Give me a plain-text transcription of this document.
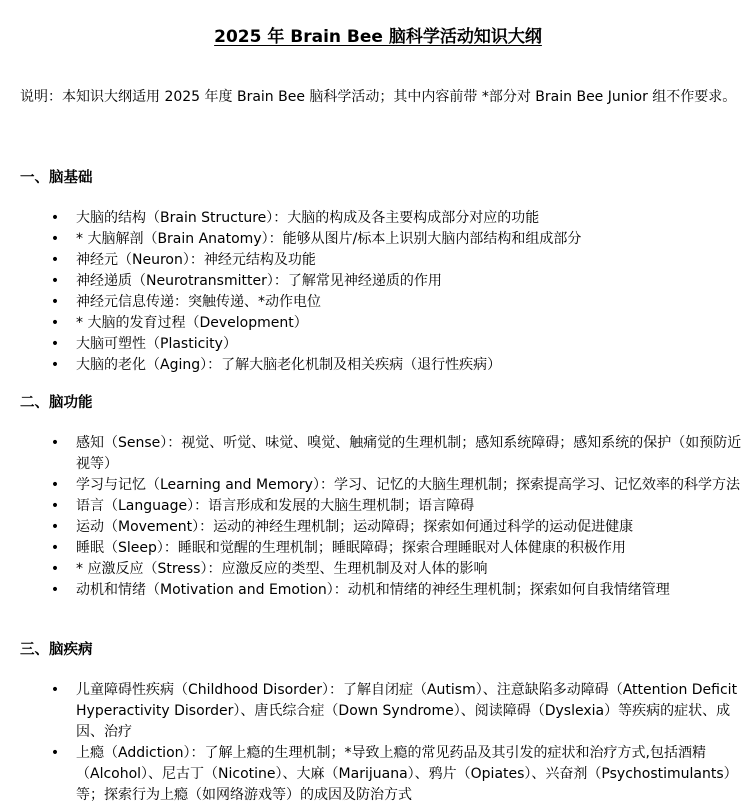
2025 年 Brain Bee 脑科学活动知识大纲
说明：本知识大纲适用 2025 年度 Brain Bee 脑科学活动；其中内容前带 *部分对 Brain Bee Junior 组不作要求。
一、脑基础
• 大脑的结构（Brain Structure）：大脑的构成及各主要构成部分对应的功能
• * 大脑解剖（Brain Anatomy）：能够从图片/标本上识别大脑内部结构和组成部分
• 神经元（Neuron）：神经元结构及功能
• 神经递质（Neurotransmitter）：了解常见神经递质的作用
• 神经元信息传递：突触传递、*动作电位
• * 大脑的发育过程（Development）
• 大脑可塑性（Plasticity）
• 大脑的老化（Aging）：了解大脑老化机制及相关疾病（退行性疾病）
二、脑功能
• 感知（Sense）：视觉、听觉、味觉、嗅觉、触痛觉的生理机制；感知系统障碍；感知系统的保护（如预防近视等）
• 学习与记忆（Learning and Memory）：学习、记忆的大脑生理机制；探索提高学习、记忆效率的科学方法
• 语言（Language）：语言形成和发展的大脑生理机制；语言障碍
• 运动（Movement）：运动的神经生理机制；运动障碍；探索如何通过科学的运动促进健康
• 睡眠（Sleep）：睡眠和觉醒的生理机制；睡眠障碍；探索合理睡眠对人体健康的积极作用
• * 应激反应（Stress）：应激反应的类型、生理机制及对人体的影响
• 动机和情绪（Motivation and Emotion）：动机和情绪的神经生理机制；探索如何自我情绪管理
三、脑疾病
• 儿童障碍性疾病（Childhood Disorder）：了解自闭症（Autism）、注意缺陷多动障碍（Attention Deficit Hyperactivity Disorder）、唐氏综合症（Down Syndrome）、阅读障碍（Dyslexia）等疾病的症状、成因、治疗
• 上瘾（Addiction）：了解上瘾的生理机制；*导致上瘾的常见药品及其引发的症状和治疗方式,包括酒精（Alcohol）、尼古丁（Nicotine）、大麻（Marijuana）、鸦片（Opiates）、兴奋剂（Psychostimulants）等；探索行为上瘾（如网络游戏等）的成因及防治方式
